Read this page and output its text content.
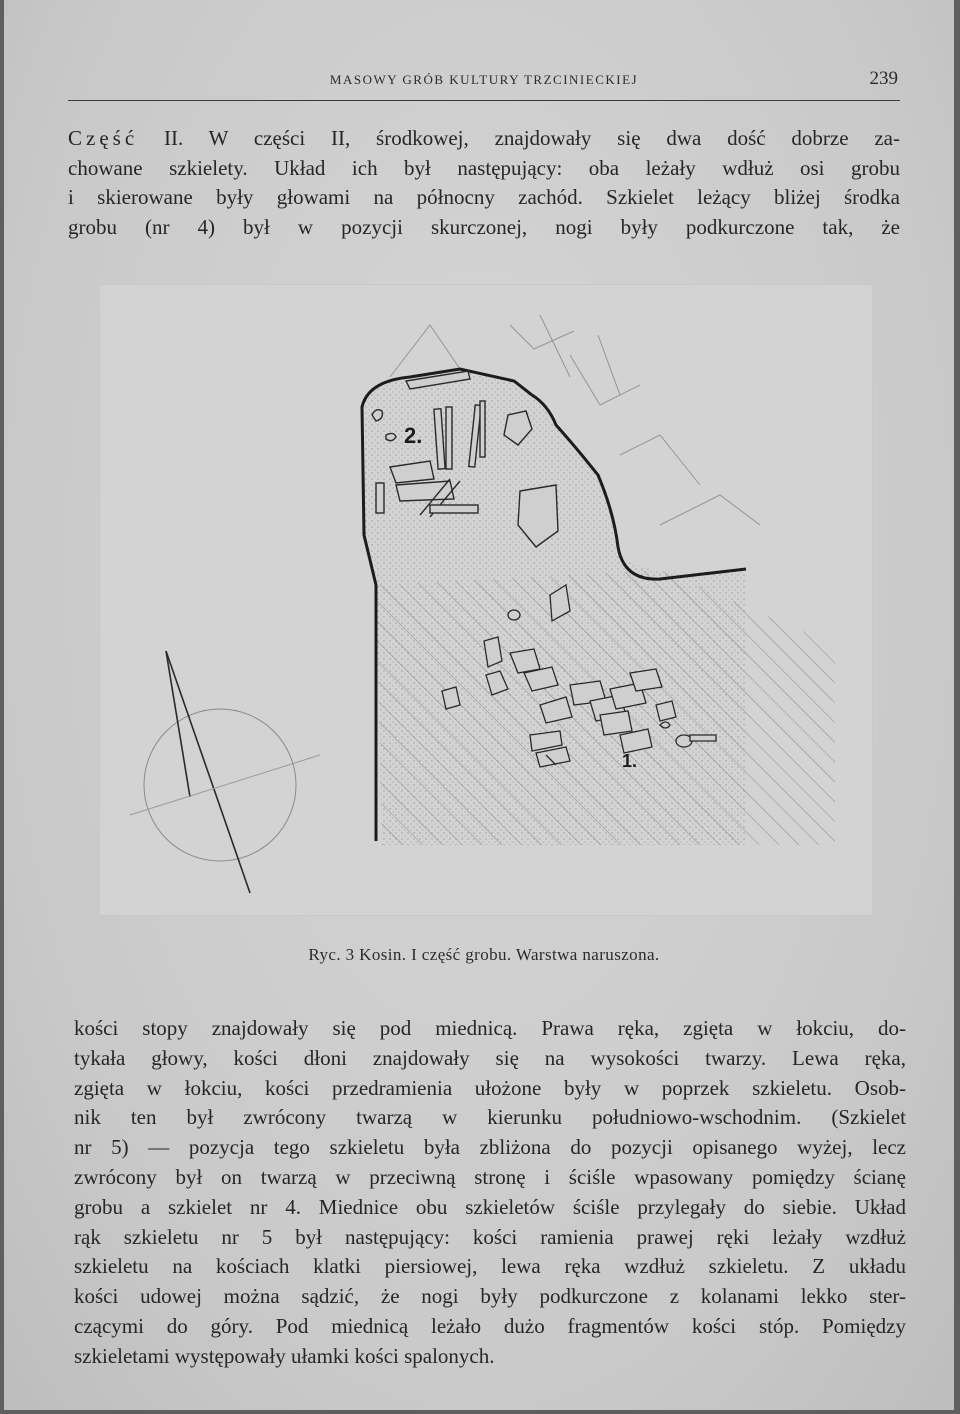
MASOWY GRÓB KULTURY TRZCINIECKIEJ	239
Część II. W części II, środkowej, znajdowały się dwa dość dobrze za-
chowane szkielety. Układ ich był następujący: oba leżały wdłuż osi grobu
i skierowane były głowami na północny zachód. Szkielet leżący bliżej środka
grobu (nr 4) był w pozycji skurczonej, nogi były podkurczone tak, że
2.
1.
Ryc. 3 Kosin. I część grobu. Warstwa naruszona.
kości stopy znajdowały się pod miednicą. Prawa ręka, zgięta w łokciu, do-
tykała głowy, kości dłoni znajdowały się na wysokości twarzy. Lewa ręka,
zgięta w łokciu, kości przedramienia ułożone były w poprzek szkieletu. Osob-
nik ten był zwrócony twarzą w kierunku południowo-wschodnim. (Szkielet
nr 5) — pozycja tego szkieletu była zbliżona do pozycji opisanego wyżej, lecz
zwrócony był on twarzą w przeciwną stronę i ściśle wpasowany pomiędzy ścianę
grobu a szkielet nr 4. Miednice obu szkieletów ściśle przylegały do siebie. Układ
rąk szkieletu nr 5 był następujący: kości ramienia prawej ręki leżały wzdłuż
szkieletu na kościach klatki piersiowej, lewa ręka wzdłuż szkieletu. Z układu
kości udowej można sądzić, że nogi były podkurczone z kolanami lekko ster-
czącymi do góry. Pod miednicą leżało dużo fragmentów kości stóp. Pomiędzy
szkieletami występowały ułamki kości spalonych.
